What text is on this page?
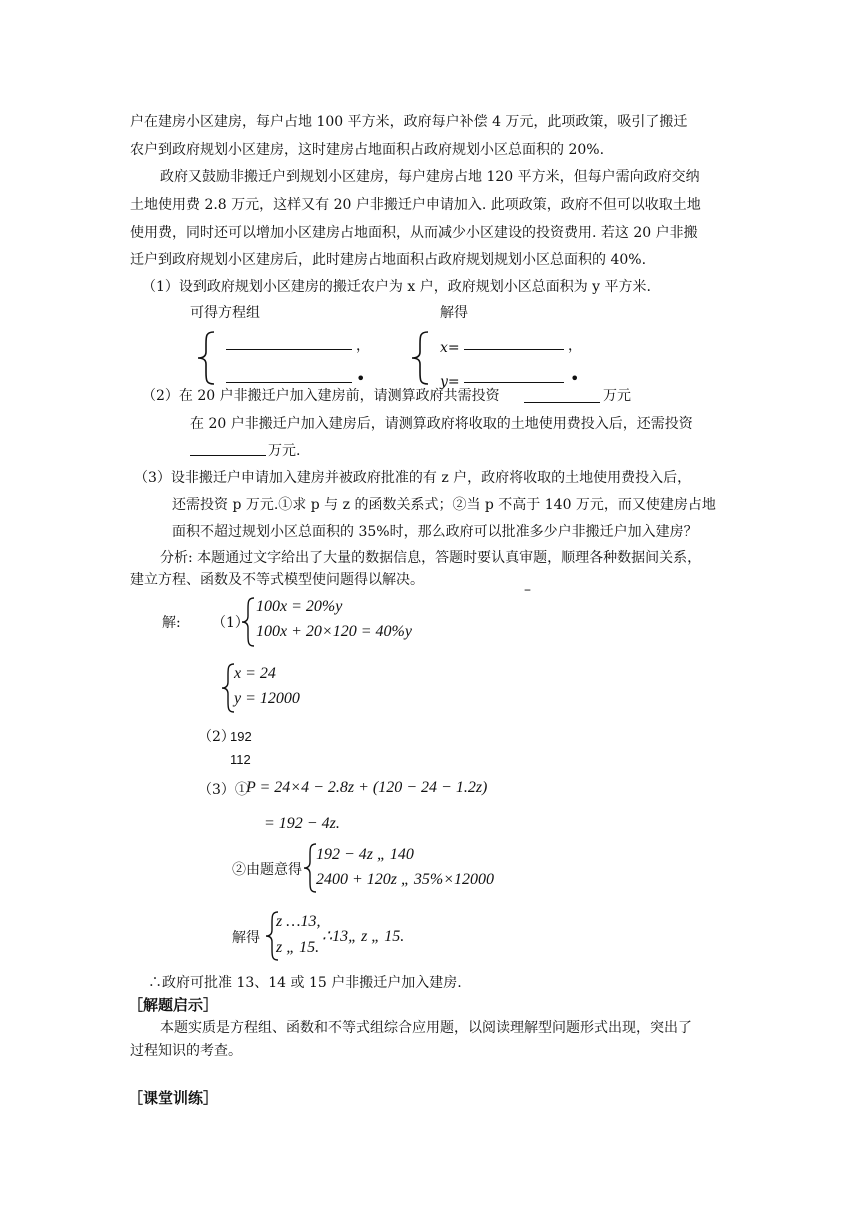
户在建房小区建房，每户占地 100 平方米，政府每户补偿 4 万元，此项政策，吸引了搬迁
农户到政府规划小区建房，这时建房占地面积占政府规划小区总面积的 20%.
政府又鼓励非搬迁户到规划小区建房，每户建房占地 120 平方米，但每户需向政府交纳
土地使用费 2.8 万元，这样又有 20 户非搬迁户申请加入. 此项政策，政府不但可以收取土地
使用费，同时还可以增加小区建房占地面积，从而减少小区建设的投资费用. 若这 20 户非搬
迁户到政府规划小区建房后，此时建房占地面积占政府规划规划小区总面积的 40%.
（1）设到政府规划小区建房的搬迁农户为 x 户，政府规划小区总面积为 y 平方米.
可得方程组	解得
，
•
x=	，
y=	•
（2）在 20 户非搬迁户加入建房前，请测算政府共需投资	万元
在 20 户非搬迁户加入建房后，请测算政府将收取的土地使用费投入后，还需投资
万元.
（3）设非搬迁户申请加入建房并被政府批准的有 z 户，政府将收取的土地使用费投入后，
还需投资 p 万元.①求 p 与 z 的函数关系式；②当 p 不高于 140 万元，而又使建房占地
面积不超过规划小区总面积的 35%时，那么政府可以批准多少户非搬迁户加入建房？
分析: 本题通过文字给出了大量的数据信息，答题时要认真审题，顺理各种数据间关系，
建立方程、函数及不等式模型使问题得以解决。
–
解: （1）
100x = 20%y
100x + 20×120 = 40%y
x = 24
y = 12000
（2）
192
112
（3）①
P = 24×4 − 2.8z + (120 − 24 − 1.2z)
= 192 − 4z.
②由题意得
192 − 4z „ 140
2400 + 120z „ 35%×12000
解得
z …13,
z „ 15.
∴13„ z „ 15.
∴政府可批准 13、14 或 15 户非搬迁户加入建房.
［解题启示］
本题实质是方程组、函数和不等式组综合应用题，以阅读理解型问题形式出现，突出了
过程知识的考查。
［课堂训练］
